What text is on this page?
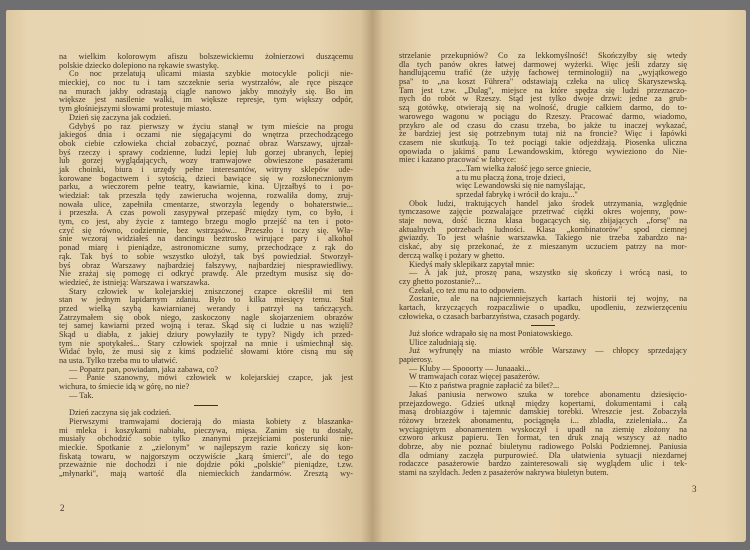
na wielkim kolorowym afiszu bolszewickiemu żołnierzowi duszącemu
polskie dziecko dolepiono na rękawie swastykę.
Co noc przelatują ulicami miasta szybkie motocykle policji nie-
mieckiej, co noc tu i tam szczeknie seria wystrzałów, ale ręce piszące
na murach jakby odrastają ciągle nanowo jakby mnożyły się. Bo im
większe jest nasilenie walki, im większe represje, tym większy odpór,
tym głośniejszymi słowami protestuje miasto.
Dzień się zaczyna jak codzień.
Gdybyś po raz pierwszy w życiu stanął w tym mieście na progu
jakiegoś dnia i oczami nie sięgającymi do wnętrza przechodzącego
obok ciebie człowieka chciał zobaczyć, poznać obraz Warszawy, ujrzał-
byś rzeczy i sprawy codzienne, ludzi lepiej lub gorzej ubranych, lepiej
lub gorzej wyglądających, wozy tramwajowe obwieszone pasażerami
jak choinki, biura i urzędy pełne interesantów, witryny sklepów ude-
korowane bogactwem i sytością, dzieci bawiące się w rozsłonecznionym
parku, a wieczorem pełne teatry, kawiarnie, kina. Ujrzałbyś to i po-
wiedział: tak przeszła tędy zawierucha wojenna, rozwaliła domy, zruj-
nowała ulice, zapełniła cmentarze, stworzyła legendy o bohaterstwie...
i przeszła. A czas powoli zasypywał przepaść między tym, co było, i
tym, co jest, aby życie z tamtego brzegu mogło przejść na ten i poto-
czyć się równo, codziennie, bez wstrząsów... Przeszło i toczy się. Wła-
śnie wczoraj widziałeś na dancingu beztrosko wirujące pary i alkohol
ponad miarę i pieniądze, astronomiczne sumy, przechodzące z rąk do
rąk. Tak byś to sobie wszystko ułożył, tak byś powiedział. Stworzył-
byś obraz Warszawy najbardziej fałszywy, najbardziej niesprawiedliwy.
Nie zrażaj się pomogę ci odkryć prawdę. Ale przedtym musisz się do-
wiedzieć, że istnieją: Warszawa i warszawka.
Stary człowiek w kolejarskiej zniszczonej czapce określił mi ten
stan w jednym lapidarnym zdaniu. Było to kilka miesięcy temu. Stał
przed wielką szybą kawiarnianej werandy i patrzył na tańczących.
Zatrzymałem się obok niego, zaskoczony nagle skojarzeniem obrazów
tej samej kawiarni przed wojną i teraz. Skąd się ci ludzie u nas wzięli?
Skąd u diabła, z jakiej dziury powyłaziły te typy? Nigdy ich przed-
tym nie spotykałeś... Stary człowiek spojrzał na mnie i uśmiechnął się.
Widać było, że musi się z kimś podzielić słowami które cisną mu się
na usta. Tylko trzeba mu to ułatwić.
— Popatrz pan, powiadam, jaka zabawa, co?
— Panie szanowny, mówi człowiek w kolejarskiej czapce, jak jest
wichura, to śmiecie idą w górę, no nie?
— Tak.
Dzień zaczyna się jak codzień.
Pierwszymi tramwajami docierają do miasta kobiety z blaszanka-
mi mleka i koszykami nabiału, pieczywa, mięsa. Zanim się tu dostały,
musiały obchodzić sobie tylko znanymi przejściami posterunki nie-
mieckie. Spotkanie z „zielonym" w najlepszym razie kończy się kon-
fiskatą towaru, w najgorszym oczywiście „karą śmierci", ale do tego
przeważnie nie dochodzi i nie dojdzie póki „polskie" pieniądze, t.zw.
„młynarki", mają wartość dla niemieckich żandarmów. Zresztą wy-
2
strzelanie przekupniów? Co za lekkomyślność! Skończyłby się wtedy
dla tych panów okres łatwej darmowej wyżerki. Więc jeśli zdarzy się
handlującemu trafić (że użyję fachowej terminologii) na „wyjątkowego
psa" to „na koszt Führera" odstawiają człeka na ulicę Skaryszewską.
Tam jest t.zw. „Dulag", miejsce na które spędza się ludzi przeznaczo-
nych do robót w Rzeszy. Stąd jest tylko dwoje drzwi: jedne za grub-
szą gotówkę, otwierają się na wolność, drugie całkiem darmo, do to-
warowego wagonu w pociągu do Rzeszy. Pracować darmo, wiadomo,
przykro ale od czasu do czasu trzeba, bo jakże tu inaczej wykazać,
że bardziej jest się potrzebnym tutaj niż na froncie? Więc i łapówki
czasem nie skutkują. To też pociągi takie odjeżdżają. Piosenka uliczna
opowiada o jakimś panu Lewandowskim, którego wywieziono do Nie-
miec i kazano pracować w fabryce:
„...Tam wielka żałość jego serce gniecie,
a tu mu płaczą żona, troje dzieci,
więc Lewandowski się nie namyślając,
sprzedał fabrykę i wrócił do kraju..."
Obok ludzi, traktujących handel jako środek utrzymania, względnie
tymczasowe zajęcie pozwalające przetrwać ciężki okres wojenny, pow-
staje nowa, dość liczna klasa bogacących się, zbijających „forsę" na
aktualnych potrzebach ludności. Klasa „kombinatorów" spod ciemnej
gwiazdy. To jest właśnie warszawka. Takiego nie trzeba zabardzo na-
ciskać, aby się przekonać, że z mieszanym uczuciem patrzy na mor-
derczą walkę i pożary w ghetto.
Kiedyś mały sklepikarz zapytał mnie:
— A jak już, proszę pana, wszystko się skończy i wrócą nasi, to
czy ghetto pozostanie?...
Czekał, co też mu na to odpowiem.
Zostanie, ale na najciemniejszych kartach historii tej wojny, na
kartach, krzyczących rozpaczliwie o upadku, upodleniu, zezwierzęceniu
człowieka, o czasach barbarzyństwa, czasach pogardy.
Już słońce wdrapało się na most Poniatowskiego.
Ulice zaludniają się.
Już wyfrunęły na miasto wróble Warszawy — chłopcy sprzedający
papierosy.
— Kluby — Spooorty — Junaaaki...
W tramwajach coraz więcej pasażerów.
— Kto z państwa pragnie zapłacić za bilet?...
Jakaś paniusia nerwowo szuka w torebce abonamentu dziesięcio-
przejazdowego. Gdzieś utknął między kopertami, dokumentami i całą
masą drobiazgów i tajemnic damskiej torebki. Wreszcie jest. Zobaczyła
różowy brzeżek abonamentu, pociągnęła i... zbladła, zzieleniała... Za
wyciągniętym abonamentem wyskoczył i upadł na ziemię złożony na
czworo arkusz papieru. Ten format, ten druk znają wszyscy aż nadto
dobrze, aby nie poznać biuletynu radiowego Polski Podziemnej. Paniusia
dla odmiany zaczęła purpurowieć. Dla ułatwienia sytuacji niezdarnej
rodaczce pasażerowie bardzo zainteresowali się wyglądem ulic i tek-
stami na szyldach. Jeden z pasażerów nakrywa biuletyn butem.
3
